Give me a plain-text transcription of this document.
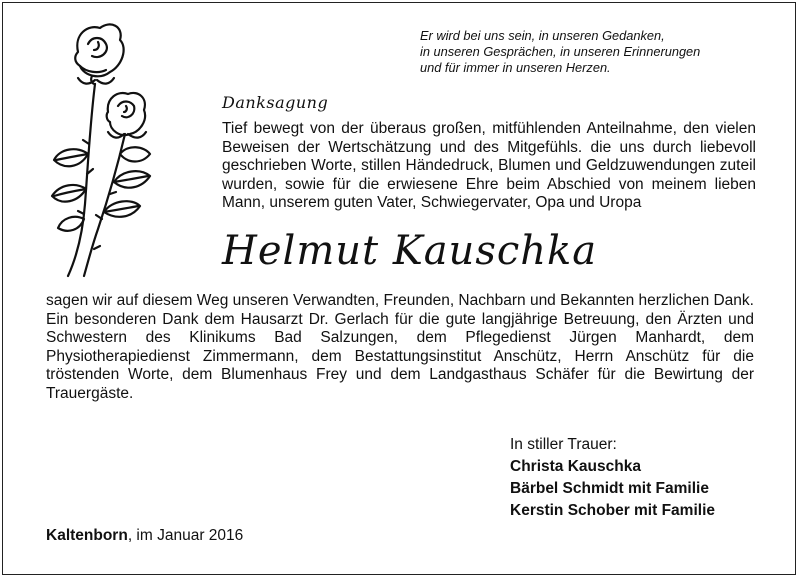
Er wird bei uns sein, in unseren Gedanken,
in unseren Gesprächen, in unseren Erinnerungen
und für immer in unseren Herzen.
Danksagung

Tief bewegt von der überaus großen, mitfühlenden Anteilnahme, den vielen Beweisen der Wertschätzung und des Mitgefühls. die uns durch liebevoll geschrieben Worte, stillen Händedruck, Blumen und Geldzuwendungen zuteil wurden, sowie für die erwiesene Ehre beim Abschied von meinem lieben Mann, unserem guten Vater, Schwiegervater, Opa und Uropa

Helmut Kauschka

sagen wir auf diesem Weg unseren Verwandten, Freunden, Nachbarn und Bekannten herzlichen Dank.

Ein besonderen Dank dem Hausarzt Dr. Gerlach für die gute langjährige Betreuung, den Ärzten und Schwestern des Klinikums Bad Salzungen, dem Pflegedienst Jürgen Manhardt, dem Physiotherapiedienst Zimmermann, dem Bestattungsinstitut Anschütz, Herrn Anschütz für die tröstenden Worte, dem Blumenhaus Frey und dem Landgasthaus Schäfer für die Bewirtung der Trauergäste.

In stiller Trauer:
Christa Kauschka
Bärbel Schmidt mit Familie
Kerstin Schober mit Familie
Kaltenborn, im Januar 2016
